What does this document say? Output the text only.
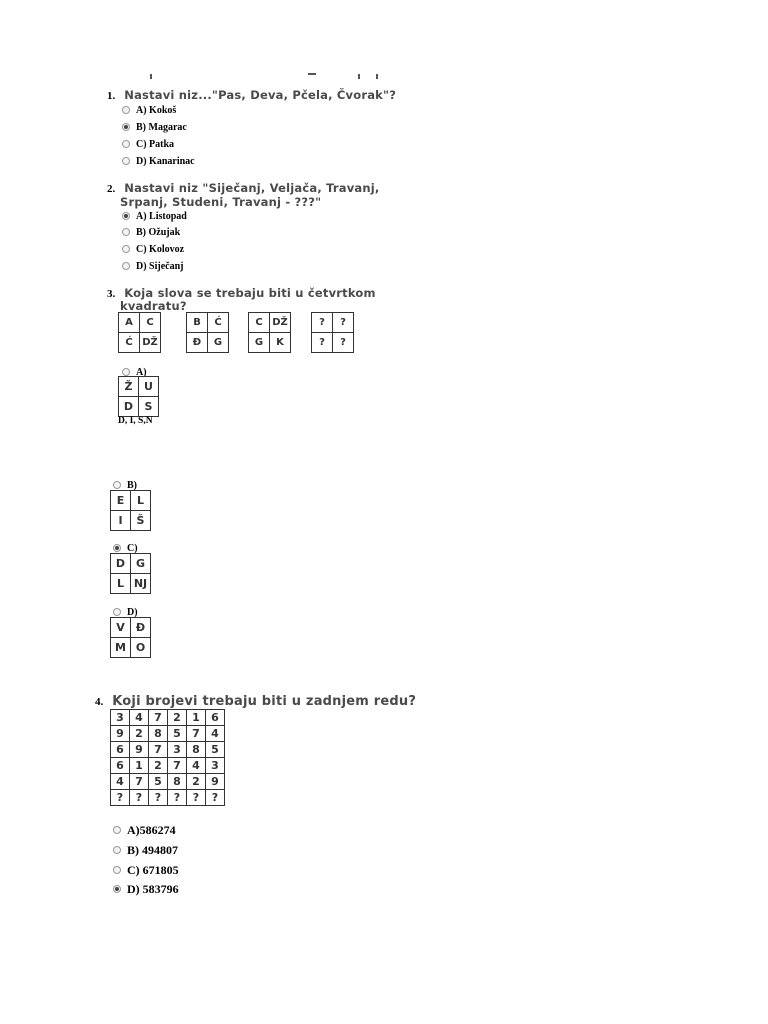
1. Nastavi niz..."Pas, Deva, Pčela, Čvorak"?
A) Kokoš
B) Magarac
C) Patka
D) Kanarinac
2. Nastavi niz "Siječanj, Veljača, Travanj,
Srpanj, Studeni, Travanj - ???"
A) Listopad
B) Ožujak
C) Kolovoz
D) Siječanj
3. Koja slova se trebaju biti u četvrtkom
kvadratu?
A	C
Ć	DŽ
B	Ć
Đ	G
C	DŽ
G	K
?	?
?	?
A)
Ž	U
D	S
D, I, S,N
B)
E	L
I	Š
C)
D	G
L	NJ
D)
V	Đ
M	O
4. Koji brojevi trebaju biti u zadnjem redu?
3	4	7	2	1	6
9	2	8	5	7	4
6	9	7	3	8	5
6	1	2	7	4	3
4	7	5	8	2	9
?	?	?	?	?	?
A)586274
B) 494807
C) 671805
D) 583796
